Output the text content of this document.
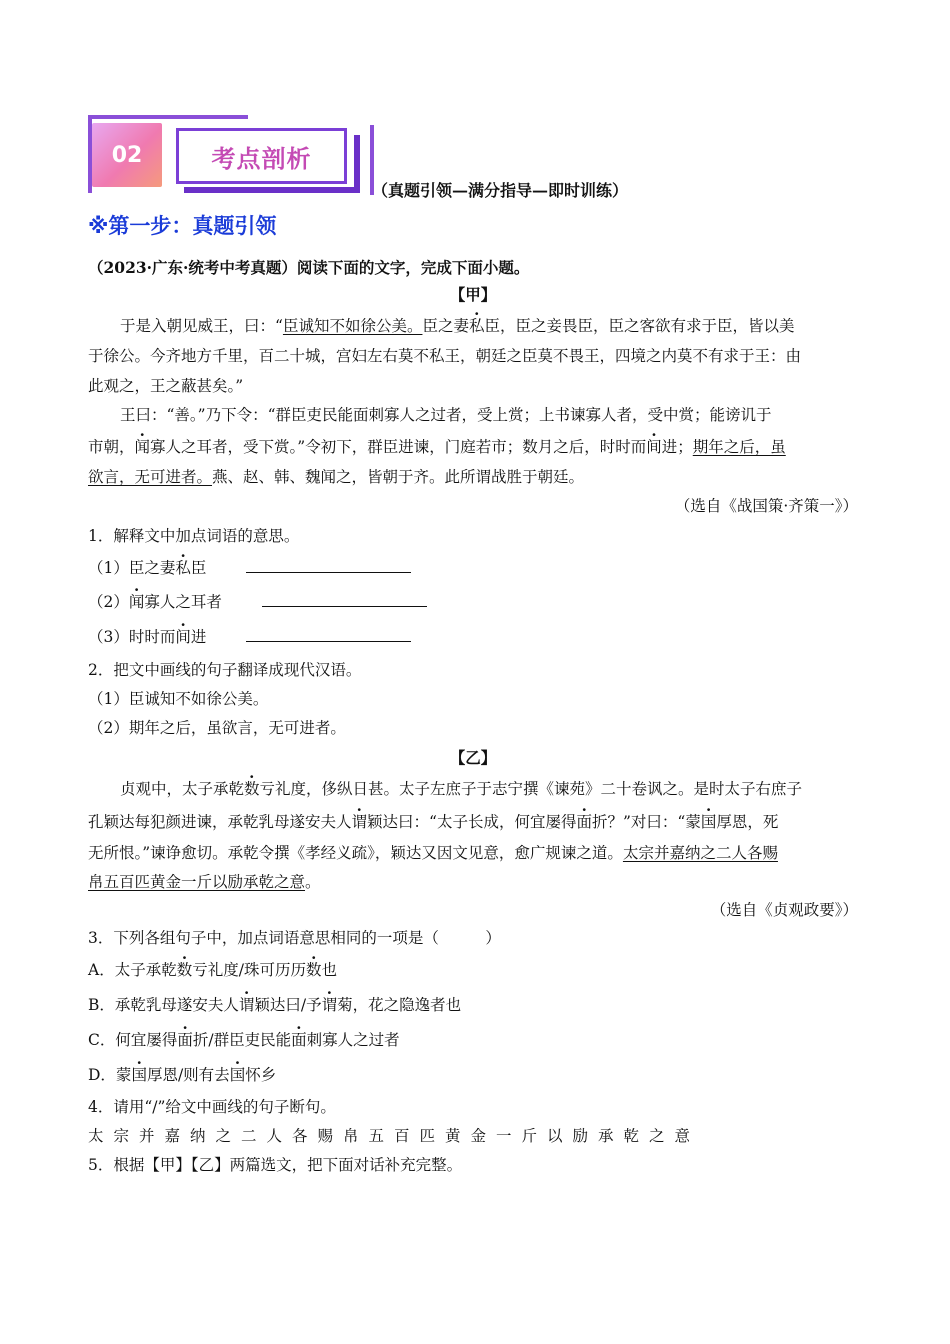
02	考点剖析
（真题引领—满分指导—即时训练）
※第一步：真题引领
（2023·广东·统考中考真题）阅读下面的文字，完成下面小题。
【甲】
于是入朝见威王，曰：“臣诚知不如徐公美。臣之妻私臣，臣之妾畏臣，臣之客欲有求于臣，皆以美
于徐公。今齐地方千里，百二十城，宫妇左右莫不私王，朝廷之臣莫不畏王，四境之内莫不有求于王：由
此观之，王之蔽甚矣。”
王曰：“善。”乃下令：“群臣吏民能面刺寡人之过者，受上赏；上书谏寡人者，受中赏；能谤讥于
市朝，闻寡人之耳者，受下赏。”令初下，群臣进谏，门庭若市；数月之后，时时而间进；期年之后，虽
欲言，无可进者。燕、赵、韩、魏闻之，皆朝于齐。此所谓战胜于朝廷。
（选自《战国策·齐策一》）
1．解释文中加点词语的意思。
（1）臣之妻私臣
（2）闻寡人之耳者
（3）时时而间进
2．把文中画线的句子翻译成现代汉语。
（1）臣诚知不如徐公美。
（2）期年之后，虽欲言，无可进者。
【乙】
贞观中，太子承乾数亏礼度，侈纵日甚。太子左庶子于志宁撰《谏苑》二十卷讽之。是时太子右庶子
孔颖达每犯颜进谏，承乾乳母遂安夫人谓颖达曰：“太子长成，何宜屡得面折？”对曰：“蒙国厚恩，死
无所恨。”谏诤愈切。承乾令撰《孝经义疏》，颖达又因文见意，愈广规谏之道。太宗并嘉纳之二人各赐
帛五百匹黄金一斤以励承乾之意。
（选自《贞观政要》）
3．下列各组句子中，加点词语意思相同的一项是（　　　）
A．太子承乾数亏礼度/珠可历历数也
B．承乾乳母遂安夫人谓颖达曰/予谓菊，花之隐逸者也
C．何宜屡得面折/群臣吏民能面刺寡人之过者
D．蒙国厚恩/则有去国怀乡
4．请用“/”给文中画线的句子断句。
太宗并嘉纳之二人各赐帛五百匹黄金一斤以励承乾之意
5．根据【甲】【乙】两篇选文，把下面对话补充完整。
